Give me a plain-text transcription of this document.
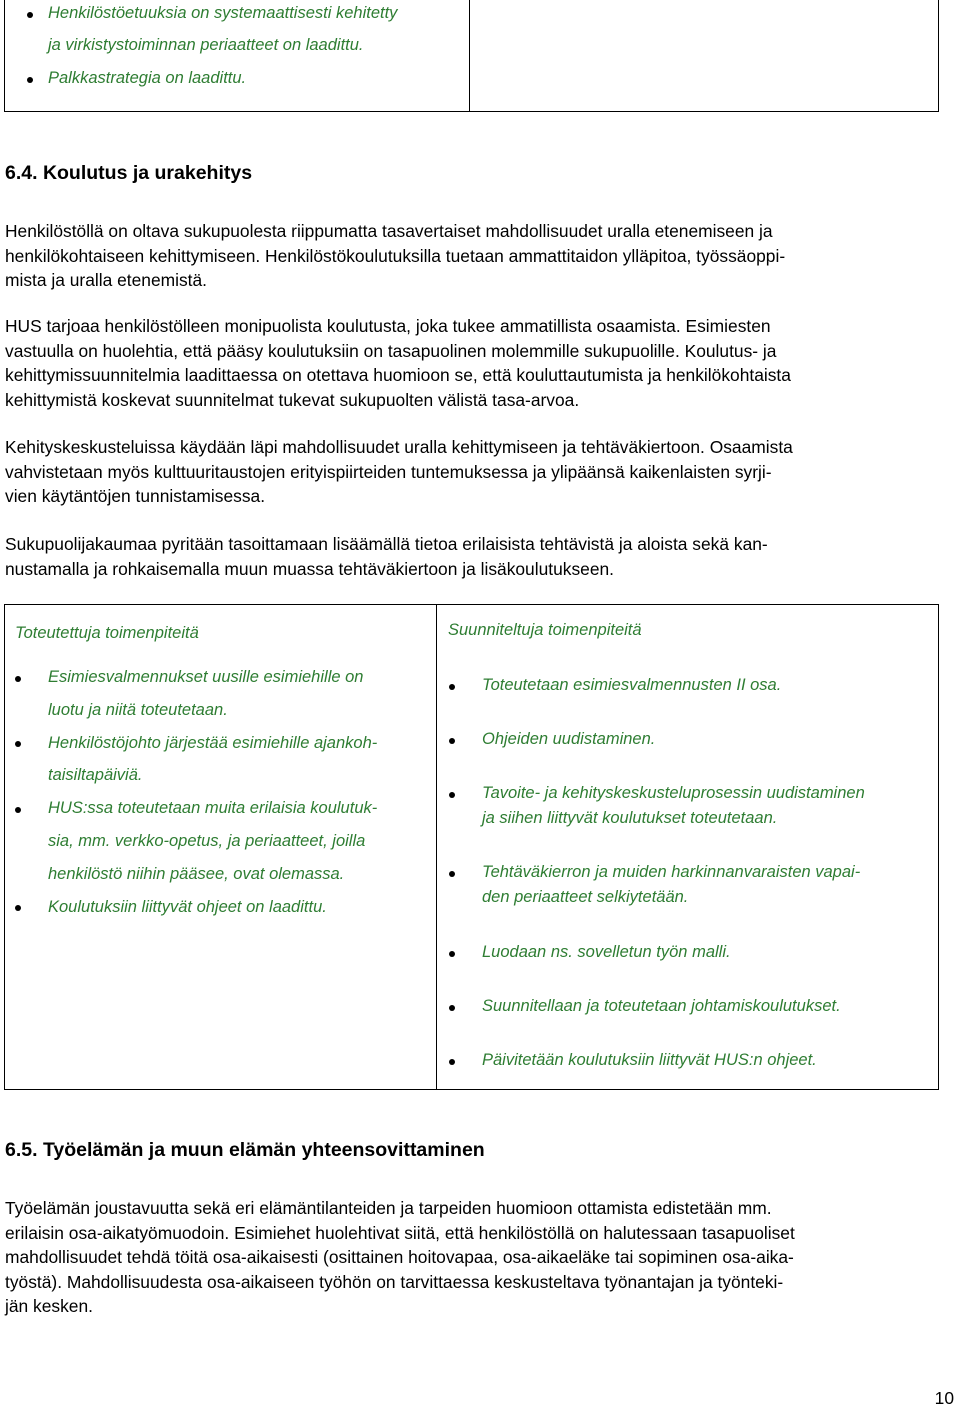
Henkilöstöetuuksia on systemaattisesti kehitetty
ja virkistystoiminnan periaatteet on laadittu.
Palkkastrategia on laadittu.
6.4. Koulutus ja urakehitys
Henkilöstöllä on oltava sukupuolesta riippumatta tasavertaiset mahdollisuudet uralla etenemiseen ja
henkilökohtaiseen kehittymiseen. Henkilöstökoulutuksilla tuetaan ammattitaidon ylläpitoa, työssäoppi-
mista ja uralla etenemistä.
HUS tarjoaa henkilöstölleen monipuolista koulutusta, joka tukee ammatillista osaamista. Esimiesten
vastuulla on huolehtia, että pääsy koulutuksiin on tasapuolinen molemmille sukupuolille. Koulutus- ja
kehittymissuunnitelmia laadittaessa on otettava huomioon se, että kouluttautumista ja henkilökohtaista
kehittymistä koskevat suunnitelmat tukevat sukupuolten välistä tasa-arvoa.
Kehityskeskusteluissa käydään läpi mahdollisuudet uralla kehittymiseen ja tehtäväkiertoon. Osaamista
vahvistetaan myös kulttuuritaustojen erityispiirteiden tuntemuksessa ja ylipäänsä kaikenlaisten syrji-
vien käytäntöjen tunnistamisessa.
Sukupuolijakaumaa pyritään tasoittamaan lisäämällä tietoa erilaisista tehtävistä ja aloista sekä kan-
nustamalla ja rohkaisemalla muun muassa tehtäväkiertoon ja lisäkoulutukseen.
Toteutettuja toimenpiteitä	Suunniteltuja toimenpiteitä
Esimiesvalmennukset uusille esimiehille on
luotu ja niitä toteutetaan.
Henkilöstöjohto järjestää esimiehille ajankoh-
taisiltapäiviä.
HUS:ssa toteutetaan muita erilaisia koulutuk-
sia, mm. verkko-opetus, ja periaatteet, joilla
henkilöstö niihin pääsee, ovat olemassa.
Koulutuksiin liittyvät ohjeet on laadittu.
Toteutetaan esimiesvalmennusten II osa.
Ohjeiden uudistaminen.
Tavoite- ja kehityskeskusteluprosessin uudistaminen
ja siihen liittyvät koulutukset toteutetaan.
Tehtäväkierron ja muiden harkinnanvaraisten vapai-
den periaatteet selkiytetään.
Luodaan ns. sovelletun työn malli.
Suunnitellaan ja toteutetaan johtamiskoulutukset.
Päivitetään koulutuksiin liittyvät HUS:n ohjeet.
6.5. Työelämän ja muun elämän yhteensovittaminen
Työelämän joustavuutta sekä eri elämäntilanteiden ja tarpeiden huomioon ottamista edistetään mm.
erilaisin osa-aikatyömuodoin. Esimiehet huolehtivat siitä, että henkilöstöllä on halutessaan tasapuoliset
mahdollisuudet tehdä töitä osa-aikaisesti (osittainen hoitovapaa, osa-aikaeläke tai sopiminen osa-aika-
työstä). Mahdollisuudesta osa-aikaiseen työhön on tarvittaessa keskusteltava työnantajan ja työnteki-
jän kesken.
10
